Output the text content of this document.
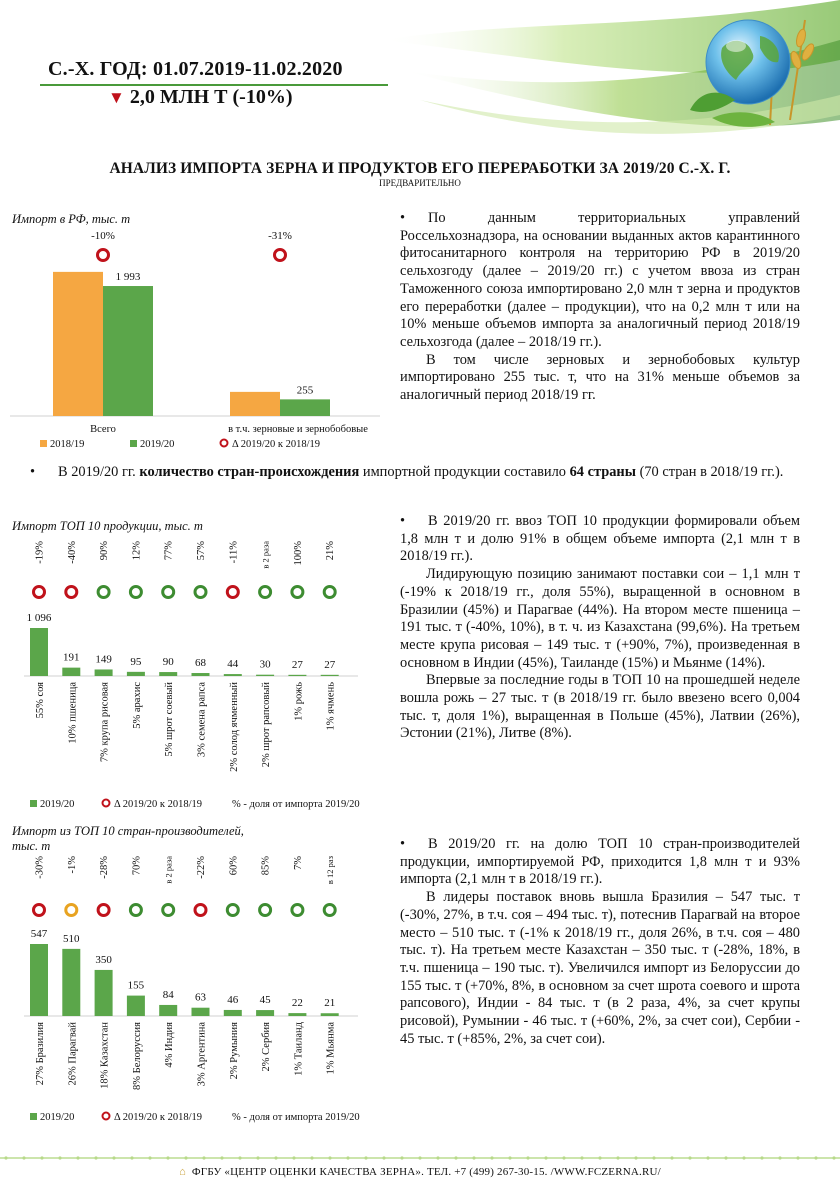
С.-Х. ГОД: 01.07.2019-11.02.2020
▼ 2,0 МЛН Т (-10%)
АНАЛИЗ ИМПОРТА ЗЕРНА И ПРОДУКТОВ ЕГО ПЕРЕРАБОТКИ ЗА 2019/20 С.-Х. Г.
ПРЕДВАРИТЕЛЬНО
Импорт в РФ, тыс. т
1 993
-10%
Всего
255
-31%
в т.ч. зерновые и зернобобовые
2018/19	2019/20	Δ 2019/20 к 2018/19

• По данным территориальных управлений Россельхознадзора, на основании выданных актов карантинного фитосанитарного контроля на территорию РФ в 2019/20 сельхозгоду (далее – 2019/20 гг.) с учетом ввоза из стран Таможенного союза импортировано 2,0 млн т зерна и продуктов его переработки (далее – продукции), что на 0,2 млн т или на 10% меньше объемов импорта за аналогичный период 2018/19 сельхозгода (далее – 2018/19 гг.).

В том числе зерновых и зернобобовых культур импортировано 255 тыс. т, что на 31% меньше объемов за аналогичный период 2018/19 гг.

• В 2019/20 гг. количество стран-происхождения импортной продукции составило 64 страны (70 стран в 2018/19 гг.).
Импорт ТОП 10 продукции, тыс. т
1 096
-19%
55% соя
191
-40%
10% пшеница
149
90%
7% крупа рисовая
95
12%
5% арахис
90
77%
5% шрот соевый
68
57%
3% семена рапса
44
-11%
2% солод ячменный
30
в 2 раза
2% шрот рапсовый
27
100%
1% рожь
27
21%
1% ячмень
2019/20	Δ 2019/20 к 2018/19	% - доля от импорта 2019/20

• В 2019/20 гг. ввоз ТОП 10 продукции формировали объем 1,8 млн т и долю 91% в общем объеме импорта (2,1 млн т в 2018/19 гг.).

Лидирующую позицию занимают поставки сои – 1,1 млн т (-19% к 2018/19 гг., доля 55%), выращенной в основном в Бразилии (45%) и Парагвае (44%). На втором месте пшеница – 191 тыс. т (-40%, 10%), в т. ч. из Казахстана (99,6%). На третьем месте крупа рисовая – 149 тыс. т (+90%, 7%), произведенная в основном в Индии (45%), Таиланде (15%) и Мьянме (14%).

Впервые за последние годы в ТОП 10 на прошедшей неделе вошла рожь – 27 тыс. т (в 2018/19 гг. было ввезено всего 0,004 тыс. т, доля 1%), выращенная в Польше (45%), Латвии (26%), Эстонии (21%), Литве (8%).

Импорт из ТОП 10 стран-производителей,
тыс. т
547
-30%
27% Бразилия
510
-1%
26% Парагвай
350
-28%
18% Казахстан
155
70%
8% Белоруссия
84
в 2 раза
4% Индия
63
-22%
3% Аргентина
46
60%
2% Румыния
45
85%
2% Сербия
22
7%
1% Таиланд
21
в 12 раз
1% Мьянма
2019/20	Δ 2019/20 к 2018/19	% - доля от импорта 2019/20

• В 2019/20 гг. на долю ТОП 10 стран-производителей продукции, импортируемой РФ, приходится 1,8 млн т и 93% импорта (2,1 млн т в 2018/19 гг.).

В лидеры поставок вновь вышла Бразилия – 547 тыс. т (-30%, 27%, в т.ч. соя – 494 тыс. т), потеснив Парагвай на второе место – 510 тыс. т (-1% к 2018/19 гг., доля 26%, в т.ч. соя – 480 тыс. т). На третьем месте Казахстан – 350 тыс. т (-28%, 18%, в т.ч. пшеница – 190 тыс. т). Увеличился импорт из Белоруссии до 155 тыс. т (+70%, 8%, в основном за счет шрота соевого и шрота рапсового), Индии - 84 тыс. т (в 2 раза, 4%, за счет крупы рисовой), Румынии - 46 тыс. т (+60%, 2%, за счет сои), Сербии - 45 тыс. т (+85%, 2%, за счет сои).

⌂ ФГБУ «ЦЕНТР ОЦЕНКИ КАЧЕСТВА ЗЕРНА». ТЕЛ. +7 (499) 267-30-15. /WWW.FCZERNA.RU/
